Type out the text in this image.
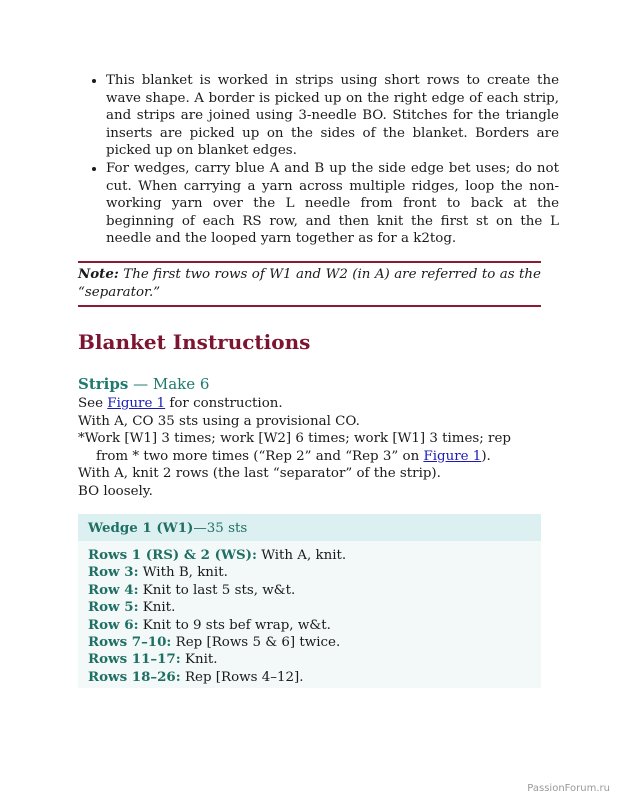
• This blanket is worked in strips using short rows to create the wave shape. A border is picked up on the right edge of each strip, and strips are joined using 3-needle BO. Stitches for the triangle inserts are picked up on the sides of the blanket. Borders are picked up on blanket edges.
• For wedges, carry blue A and B up the side edge bet uses; do not cut. When carrying a yarn across multiple ridges, loop the non-working yarn over the L needle from front to back at the beginning of each RS row, and then knit the first st on the L needle and the looped yarn together as for a k2tog.
Note: The first two rows of W1 and W2 (in A) are referred to as the “separator.”
Blanket Instructions
Strips — Make 6

See Figure 1 for construction.

With A, CO 35 sts using a provisional CO.

*Work [W1] 3 times; work [W2] 6 times; work [W1] 3 times; rep from * two more times (“Rep 2” and “Rep 3” on Figure 1).

With A, knit 2 rows (the last “separator” of the strip).

BO loosely.

Wedge 1 (W1)—35 sts

Rows 1 (RS) & 2 (WS): With A, knit.

Row 3: With B, knit.

Row 4: Knit to last 5 sts, w&t.

Row 5: Knit.

Row 6: Knit to 9 sts bef wrap, w&t.

Rows 7–10: Rep [Rows 5 & 6] twice.

Rows 11–17: Knit.

Rows 18–26: Rep [Rows 4–12].

PassionForum.ru
